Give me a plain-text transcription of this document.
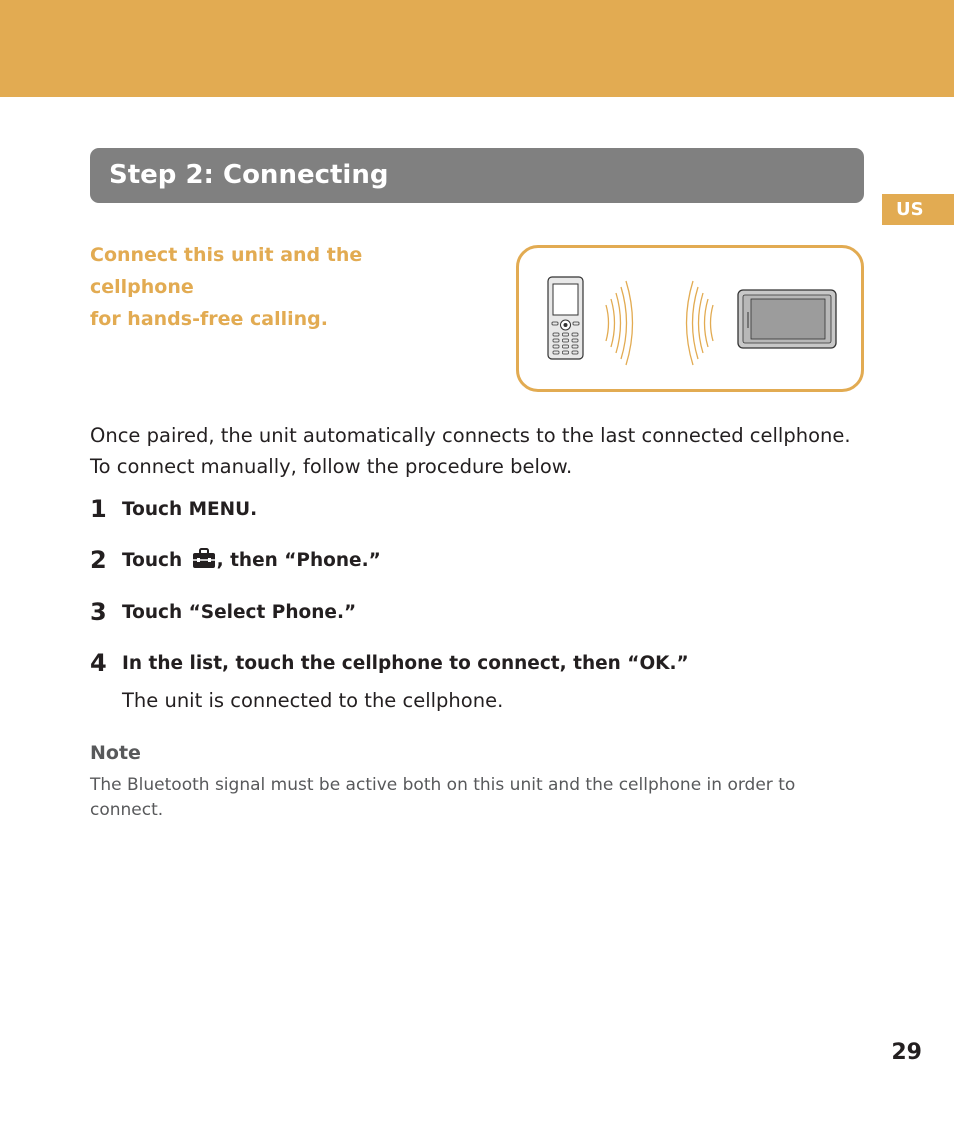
US
Step 2: Connecting

Connect this unit and the cellphone
for hands-free calling.

Once paired, the unit automatically connects to the last connected cellphone.
To connect manually, follow the procedure below.

1 Touch MENU.
2 Touch , then “Phone.”
3 Touch “Select Phone.”
4 In the list, touch the cellphone to connect, then “OK.”

The unit is connected to the cellphone.

Note

The Bluetooth signal must be active both on this unit and the cellphone in order to connect.

29
